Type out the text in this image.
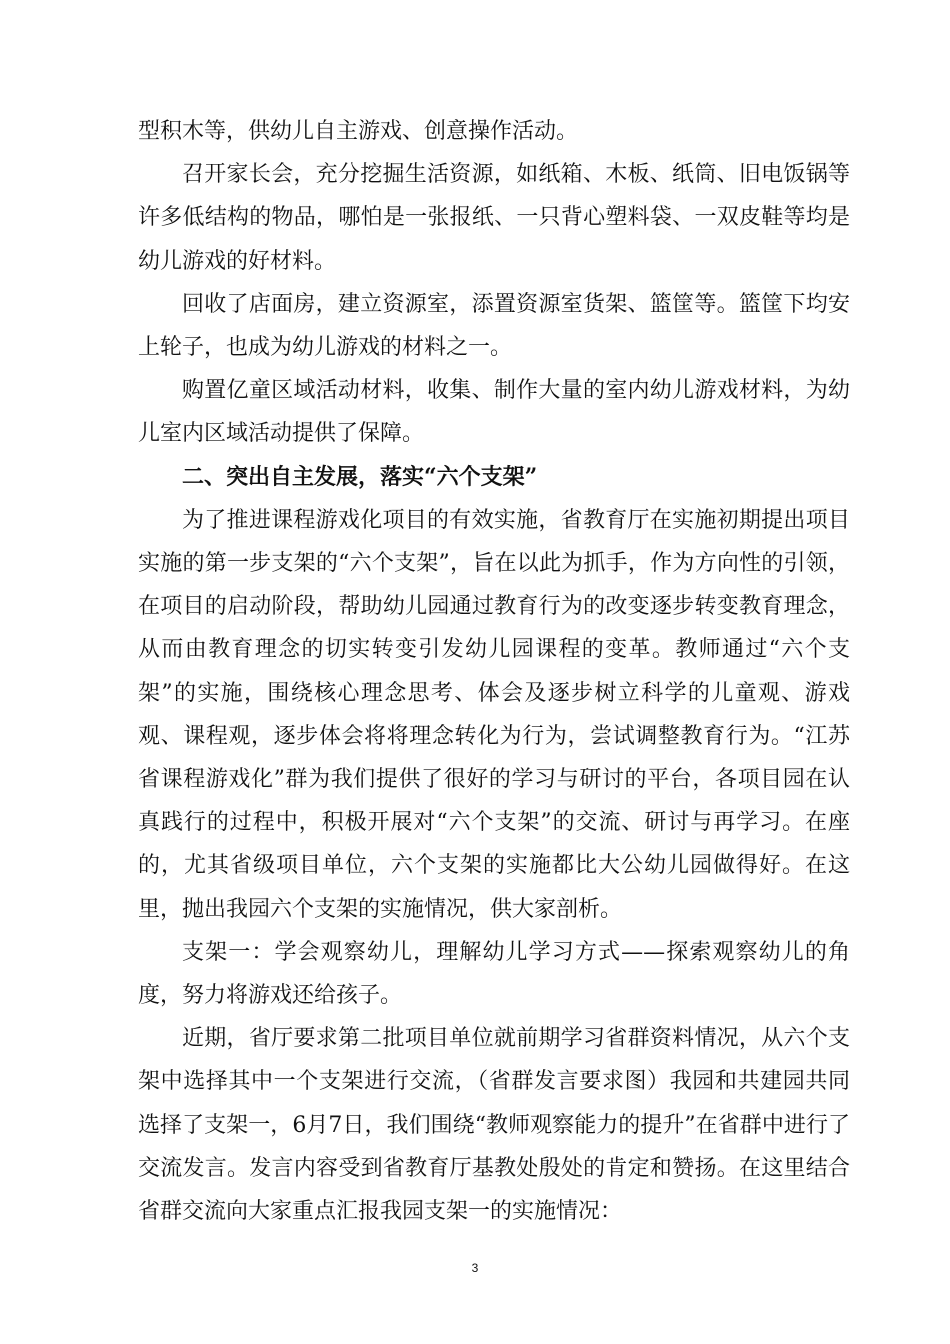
型积木等，供幼儿自主游戏、创意操作活动。

召开家长会，充分挖掘生活资源，如纸箱、木板、纸筒、旧电饭锅等许多低结构的物品，哪怕是一张报纸、一只背心塑料袋、一双皮鞋等均是幼儿游戏的好材料。

回收了店面房，建立资源室，添置资源室货架、篮筐等。篮筐下均安上轮子，也成为幼儿游戏的材料之一。

购置亿童区域活动材料，收集、制作大量的室内幼儿游戏材料，为幼儿室内区域活动提供了保障。

二、突出自主发展，落实“六个支架”

为了推进课程游戏化项目的有效实施，省教育厅在实施初期提出项目实施的第一步支架的“六个支架”，旨在以此为抓手，作为方向性的引领，在项目的启动阶段，帮助幼儿园通过教育行为的改变逐步转变教育理念，从而由教育理念的切实转变引发幼儿园课程的变革。教师通过“六个支架”的实施，围绕核心理念思考、体会及逐步树立科学的儿童观、游戏观、课程观，逐步体会将将理念转化为行为，尝试调整教育行为。“江苏省课程游戏化”群为我们提供了很好的学习与研讨的平台，各项目园在认真践行的过程中，积极开展对“六个支架”的交流、研讨与再学习。在座的，尤其省级项目单位，六个支架的实施都比大公幼儿园做得好。在这里，抛出我园六个支架的实施情况，供大家剖析。

支架一：学会观察幼儿，理解幼儿学习方式——探索观察幼儿的角度，努力将游戏还给孩子。

近期，省厅要求第二批项目单位就前期学习省群资料情况，从六个支架中选择其中一个支架进行交流，（省群发言要求图）我园和共建园共同选择了支架一，6月7日，我们围绕“教师观察能力的提升”在省群中进行了交流发言。发言内容受到省教育厅基教处殷处的肯定和赞扬。在这里结合省群交流向大家重点汇报我园支架一的实施情况：

3
